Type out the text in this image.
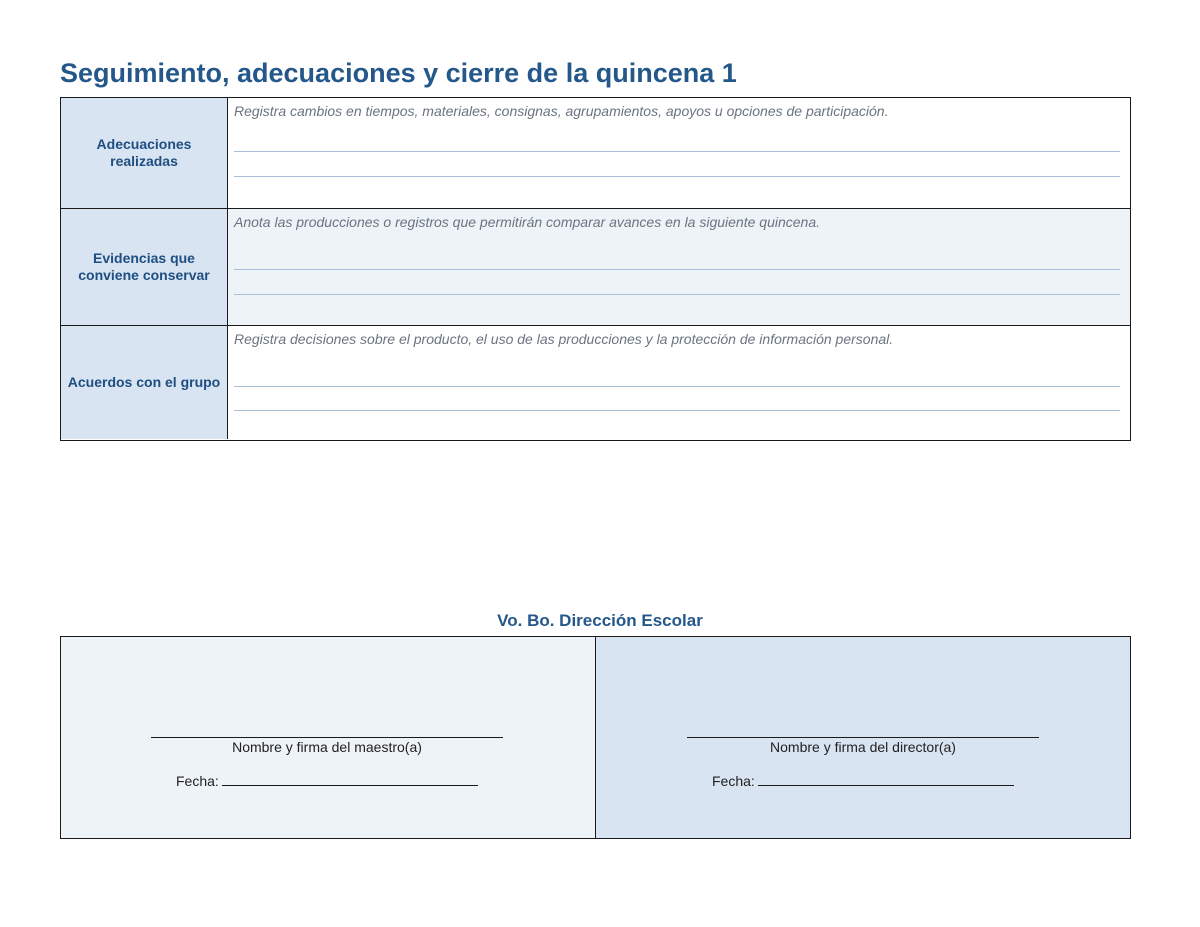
Seguimiento, adecuaciones y cierre de la quincena 1
Adecuaciones realizadas
Registra cambios en tiempos, materiales, consignas, agrupamientos, apoyos u opciones de participación.
Evidencias que conviene conservar
Anota las producciones o registros que permitirán comparar avances en la siguiente quincena.
Acuerdos con el grupo
Registra decisiones sobre el producto, el uso de las producciones y la protección de información personal.
Vo. Bo. Dirección Escolar
Nombre y firma del maestro(a)
Fecha:
Nombre y firma del director(a)
Fecha:
